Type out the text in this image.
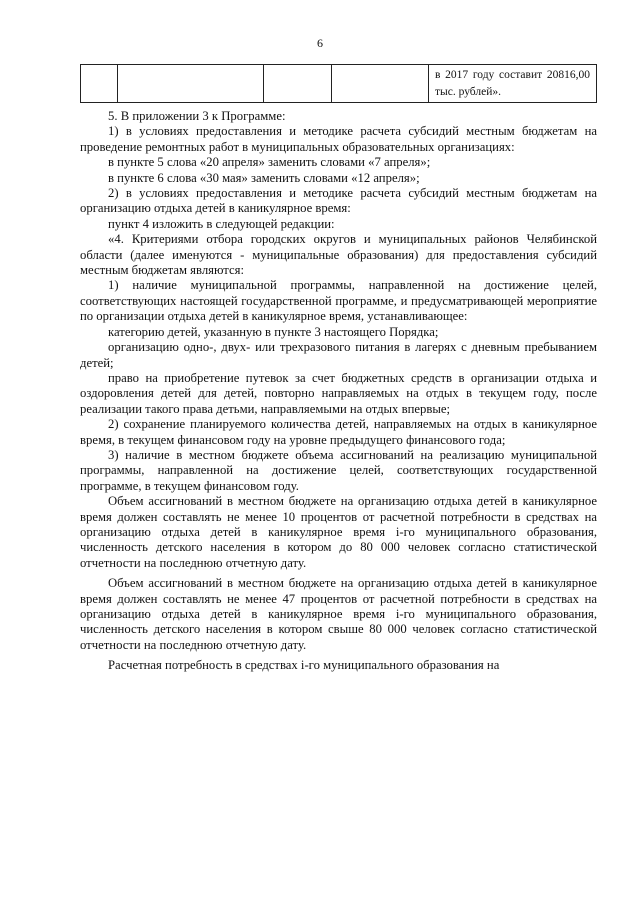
6
				в 2017 году составит 20816,00 тыс. рублей».

5. В приложении 3 к Программе:

1) в условиях предоставления и методике расчета субсидий местным бюджетам на проведение ремонтных работ в муниципальных образовательных организациях:

в пункте 5 слова «20 апреля» заменить словами «7 апреля»;

в пункте 6 слова «30 мая» заменить словами «12 апреля»;

2) в условиях предоставления и методике расчета субсидий местным бюджетам на организацию отдыха детей в каникулярное время:

пункт 4 изложить в следующей редакции:

«4. Критериями отбора городских округов и муниципальных районов Челябинской области (далее именуются - муниципальные образования) для предоставления субсидий местным бюджетам являются:

1) наличие муниципальной программы, направленной на достижение целей, соответствующих настоящей государственной программе, и предусматривающей мероприятие по организации отдыха детей в каникулярное время, устанавливающее:

категорию детей, указанную в пункте 3 настоящего Порядка;

организацию одно-, двух- или трехразового питания в лагерях с дневным пребыванием детей;

право на приобретение путевок за счет бюджетных средств в организации отдыха и оздоровления детей для детей, повторно направляемых на отдых в текущем году, после реализации такого права детьми, направляемыми на отдых впервые;

2) сохранение планируемого количества детей, направляемых на отдых в каникулярное время, в текущем финансовом году на уровне предыдущего финансового года;

3) наличие в местном бюджете объема ассигнований на реализацию муниципальной программы, направленной на достижение целей, соответствующих государственной программе, в текущем финансовом году.

Объем ассигнований в местном бюджете на организацию отдыха детей в каникулярное время должен составлять не менее 10 процентов от расчетной потребности в средствах на организацию отдыха детей в каникулярное время i-го муниципального образования, численность детского населения в котором до 80 000 человек согласно статистической отчетности на последнюю отчетную дату.

Объем ассигнований в местном бюджете на организацию отдыха детей в каникулярное время должен составлять не менее 47 процентов от расчетной потребности в средствах на организацию отдыха детей в каникулярное время i-го муниципального образования, численность детского населения в котором свыше 80 000 человек согласно статистической отчетности на последнюю отчетную дату.

Расчетная потребность в средствах i-го муниципального образования на
